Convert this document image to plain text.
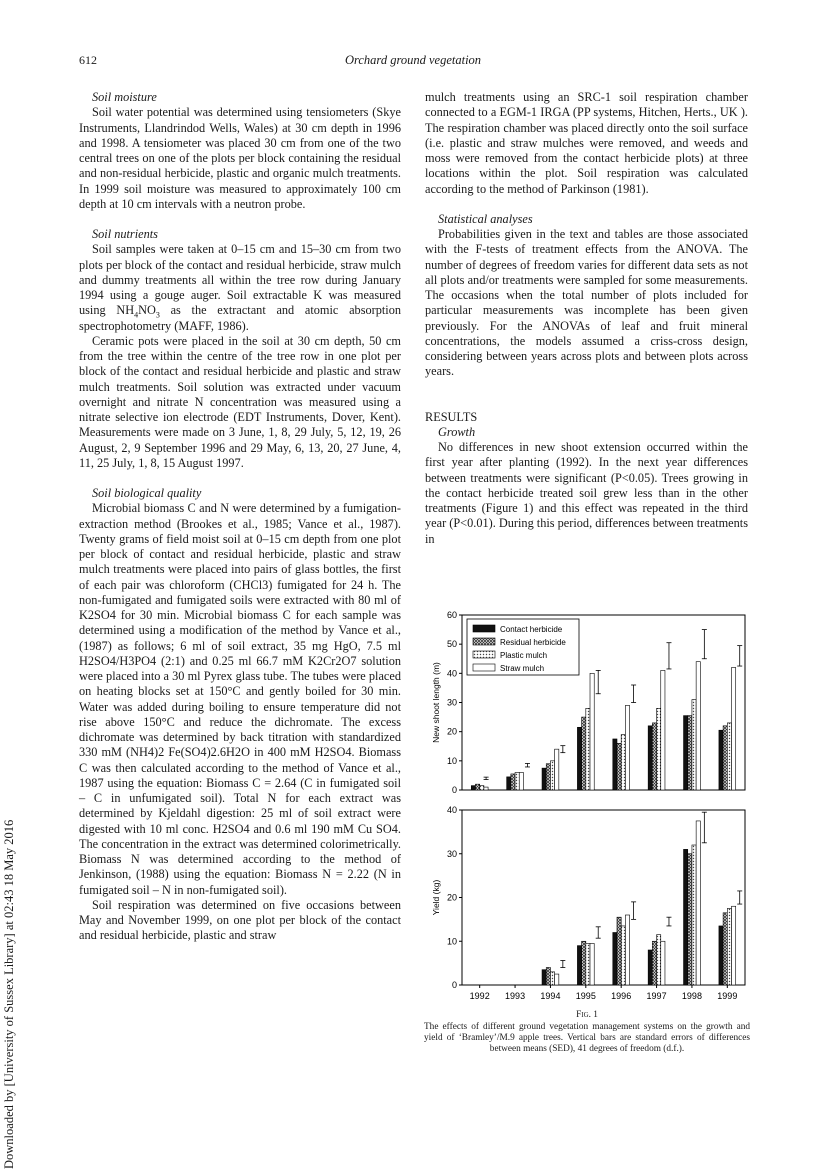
612	Orchard ground vegetation
Downloaded by [University of Sussex Library] at 02:43 18 May 2016

Soil moisture

Soil water potential was determined using tensiometers (Skye Instruments, Llandrindod Wells, Wales) at 30 cm depth in 1996 and 1998. A tensiometer was placed 30 cm from one of the two central trees on one of the plots per block containing the residual and non-residual herbicide, plastic and organic mulch treatments. In 1999 soil moisture was measured to approximately 100 cm depth at 10 cm intervals with a neutron probe.

Soil nutrients

Soil samples were taken at 0–15 cm and 15–30 cm from two plots per block of the contact and residual herbicide, straw mulch and dummy treatments all within the tree row during January 1994 using a gouge auger. Soil extractable K was measured using $NH_4NO_3$ as the extractant and atomic absorption spectrophotometry (MAFF, 1986).

Ceramic pots were placed in the soil at 30 cm depth, 50 cm from the tree within the centre of the tree row in one plot per block of the contact and residual herbicide and plastic and straw mulch treatments. Soil solution was extracted under vacuum overnight and nitrate N concentration was measured using a nitrate selective ion electrode (EDT Instruments, Dover, Kent). Measurements were made on 3 June, 1, 8, 29 July, 5, 12, 19, 26 August, 2, 9 September 1996 and 29 May, 6, 13, 20, 27 June, 4, 11, 25 July, 1, 8, 15 August 1997.

Soil biological quality

Microbial biomass C and N were determined by a fumigation-extraction method (Brookes et al., 1985; Vance et al., 1987). Twenty grams of field moist soil at 0–15 cm depth from one plot per block of contact and residual herbicide, plastic and straw mulch treatments were placed into pairs of glass bottles, the first of each pair was chloroform (CHCl3) fumigated for 24 h. The non-fumigated and fumigated soils were extracted with 80 ml of K2SO4 for 30 min. Microbial biomass C for each sample was determined using a modification of the method by Vance et al., (1987) as follows; 6 ml of soil extract, 35 mg HgO, 7.5 ml H2SO4/H3PO4 (2:1) and 0.25 ml 66.7 mM K2Cr2O7 solution were placed into a 30 ml Pyrex glass tube. The tubes were placed on heating blocks set at 150°C and gently boiled for 30 min. Water was added during boiling to ensure temperature did not rise above 150°C and reduce the dichromate. The excess dichromate was determined by back titration with standardized 330 mM (NH4)2 Fe(SO4)2.6H2O in 400 mM H2SO4. Biomass C was then calculated according to the method of Vance et al., 1987 using the equation: Biomass C = 2.64 (C in fumigated soil – C in unfumigated soil). Total N for each extract was determined by Kjeldahl digestion: 25 ml of soil extract were digested with 10 ml conc. H2SO4 and 0.6 ml 190 mM Cu SO4. The concentration in the extract was determined colorimetrically. Biomass N was determined according to the method of Jenkinson, (1988) using the equation: Biomass N = 2.22 (N in fumigated soil – N in non-fumigated soil).

Soil respiration was determined on five occasions between May and November 1999, on one plot per block of the contact and residual herbicide, plastic and straw

mulch treatments using an SRC-1 soil respiration chamber connected to a EGM-1 IRGA (PP systems, Hitchen, Herts., UK ). The respiration chamber was placed directly onto the soil surface (i.e. plastic and straw mulches were removed, and weeds and moss were removed from the contact herbicide plots) at three locations within the plot. Soil respiration was calculated according to the method of Parkinson (1981).

Statistical analyses

Probabilities given in the text and tables are those associated with the F-tests of treatment effects from the ANOVA. The number of degrees of freedom varies for different data sets as not all plots and/or treatments were sampled for some measurements. The occasions when the total number of plots included for particular measurements was incomplete has been given previously. For the ANOVAs of leaf and fruit mineral concentrations, the models assumed a criss-cross design, considering between years across plots and between plots across years.

RESULTS

Growth

No differences in new shoot extension occurred within the first year after planting (1992). In the next year differences between treatments were significant (P<0.05). Trees growing in the contact herbicide treated soil grew less than in the other treatments (Figure 1) and this effect was repeated in the third year (P<0.01). During this period, differences between treatments in

0
10
20
30
40
50
60
New shoot length (m)
Contact herbicide
Residual herbicide
Plastic mulch
Straw mulch
0
10
20
30
40
Yield (kg)
1992 1993 1994 1995 1996 1997 1998 1999
Fig. 1
The effects of different ground vegetation management systems on the growth and yield of ‘Bramley’/M.9 apple trees. Vertical bars are standard errors of differences between means (SED), 41 degrees of freedom (d.f.).
